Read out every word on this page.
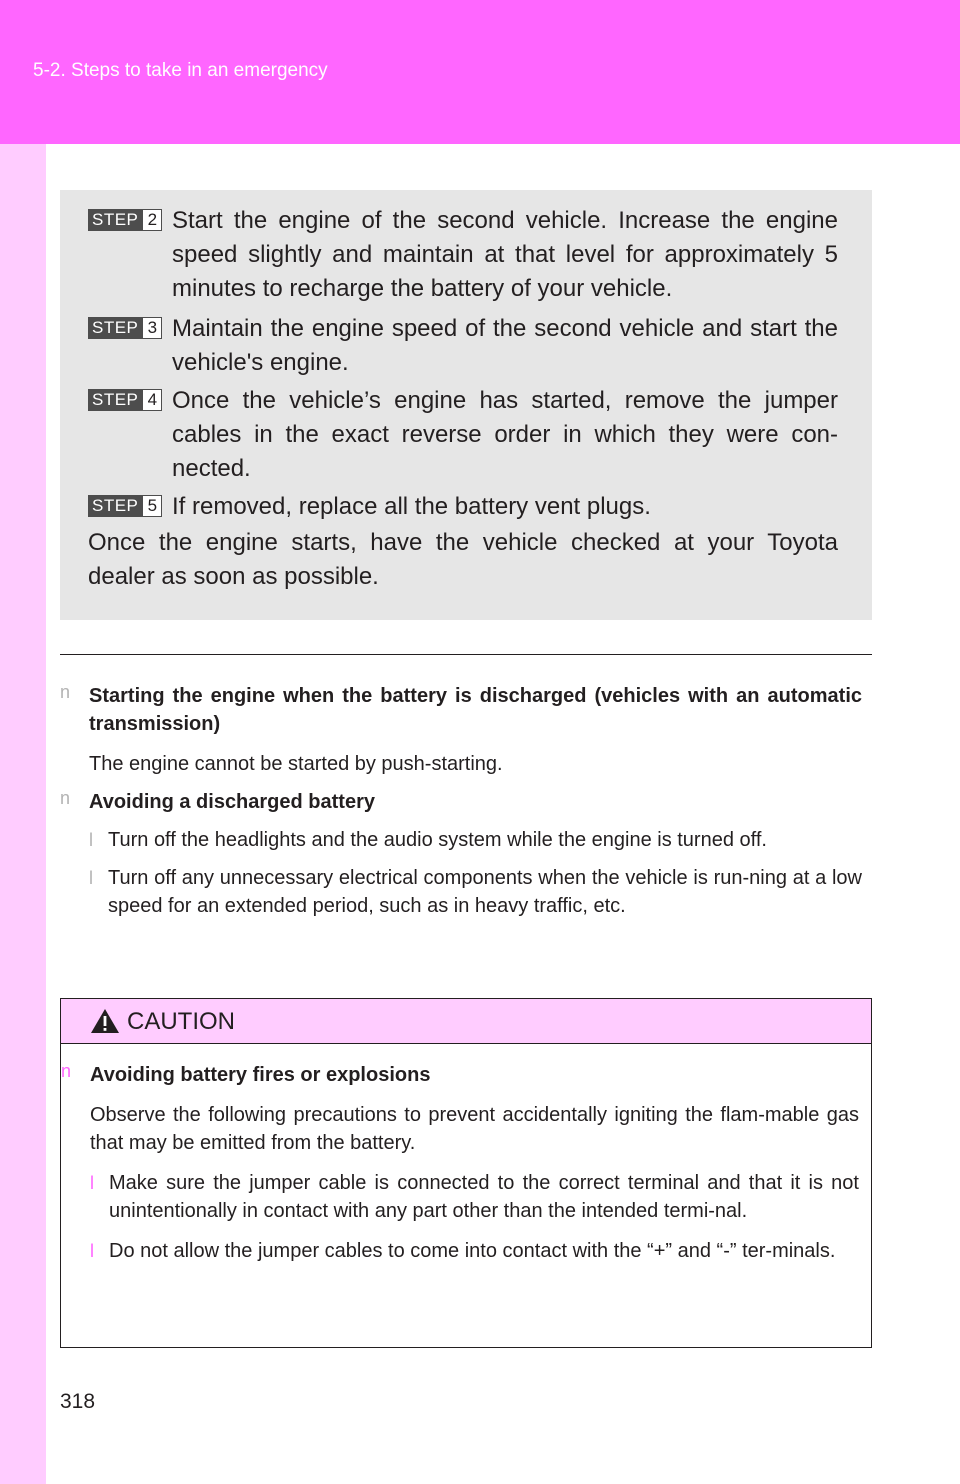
5-2. Steps to take in an emergency
STEP 2 Start the engine of the second vehicle. Increase the engine speed slightly and maintain at that level for approximately 5 minutes to recharge the battery of your vehicle.
STEP 3 Maintain the engine speed of the second vehicle and start the vehicle's engine.
STEP 4 Once the vehicle’s engine has started, remove the jumper cables in the exact reverse order in which they were con-nected.
STEP 5 If removed, replace all the battery vent plugs.
Once the engine starts, have the vehicle checked at your Toyota dealer as soon as possible.
n Starting the engine when the battery is discharged (vehicles with an automatic transmission)
The engine cannot be started by push-starting.
n Avoiding a discharged battery
l Turn off the headlights and the audio system while the engine is turned off.
l Turn off any unnecessary electrical components when the vehicle is run-ning at a low speed for an extended period, such as in heavy traffic, etc.
CAUTION
n Avoiding battery fires or explosions
Observe the following precautions to prevent accidentally igniting the flam-mable gas that may be emitted from the battery.
l Make sure the jumper cable is connected to the correct terminal and that it is not unintentionally in contact with any part other than the intended termi-nal.
l Do not allow the jumper cables to come into contact with the “+” and “-” ter-minals.
318
